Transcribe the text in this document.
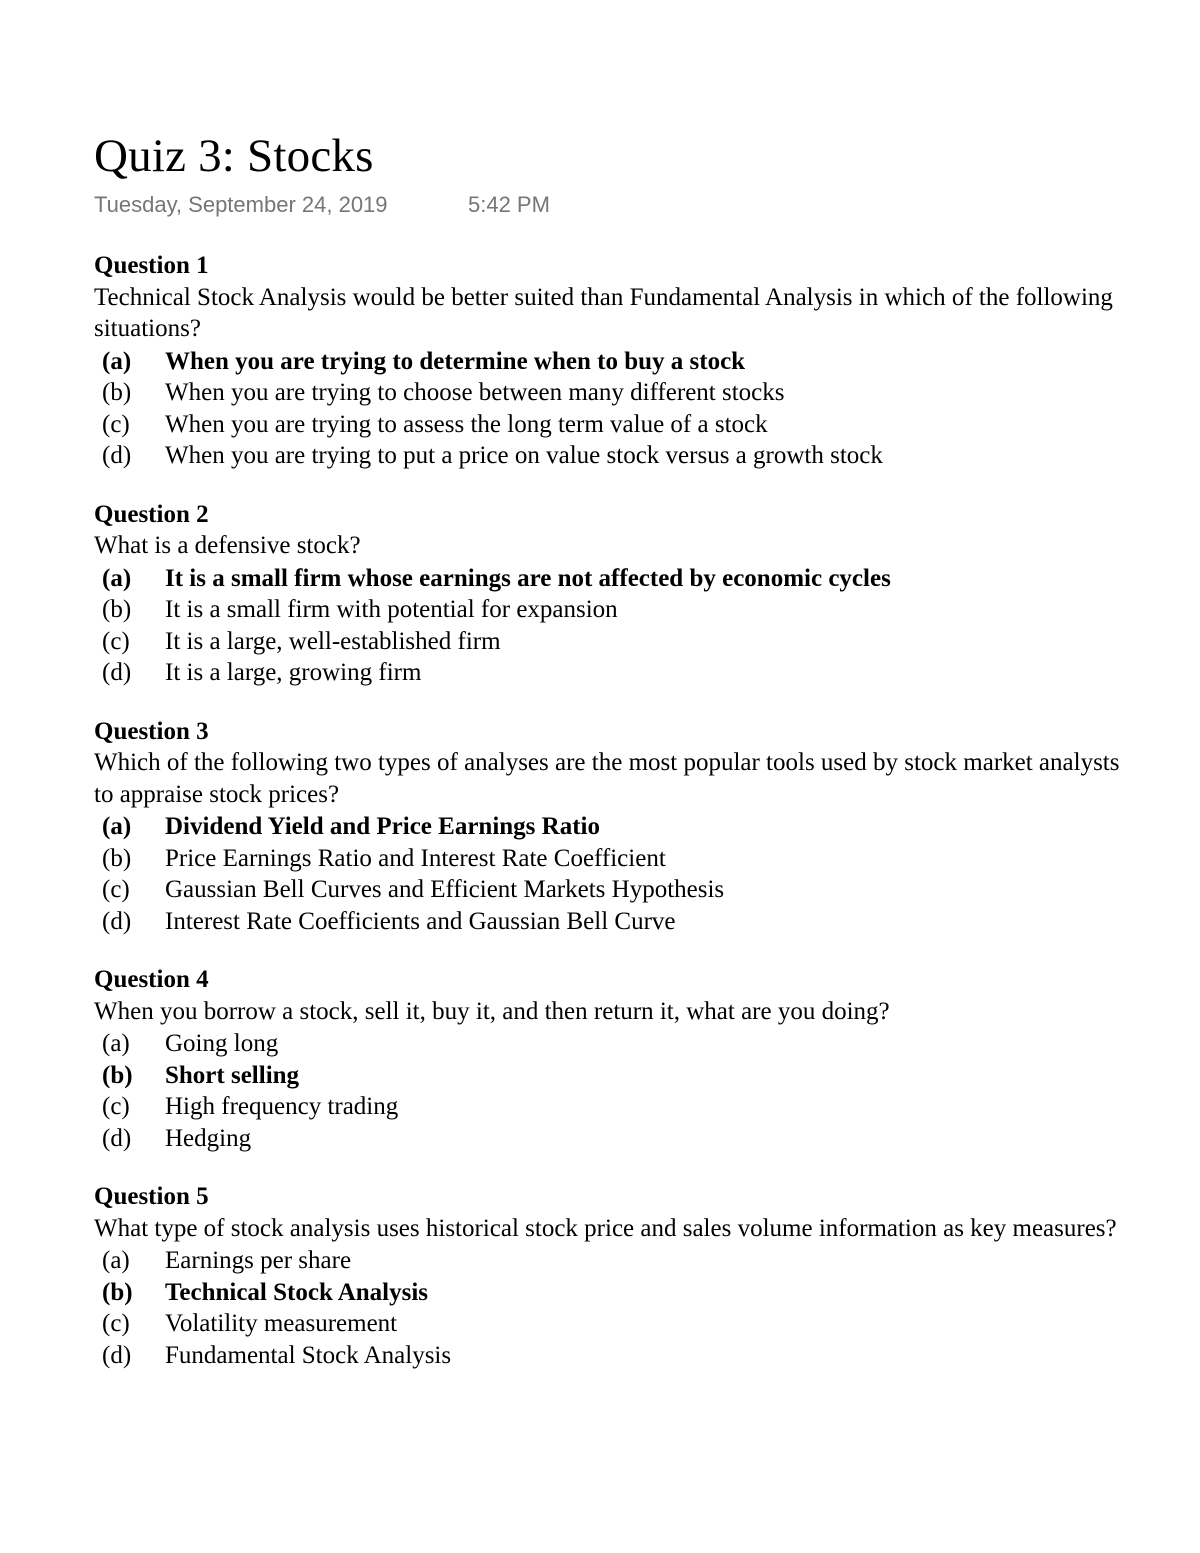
Quiz 3: Stocks
Tuesday, September 24, 2019	5:42 PM
Question 1

Technical Stock Analysis would be better suited than Fundamental Analysis in which of the following situations?

(a)	When you are trying to determine when to buy a stock
(b)	When you are trying to choose between many different stocks
(c)	When you are trying to assess the long term value of a stock
(d)	When you are trying to put a price on value stock versus a growth stock
Question 2

What is a defensive stock?

(a)	It is a small firm whose earnings are not affected by economic cycles
(b)	It is a small firm with potential for expansion
(c)	It is a large, well-established firm
(d)	It is a large, growing firm
Question 3

Which of the following two types of analyses are the most popular tools used by stock market analysts to appraise stock prices?

(a)	Dividend Yield and Price Earnings Ratio
(b)	Price Earnings Ratio and Interest Rate Coefficient
(c)	Gaussian Bell Curves and Efficient Markets Hypothesis
(d)	Interest Rate Coefficients and Gaussian Bell Curve
Question 4

When you borrow a stock, sell it, buy it, and then return it, what are you doing?

(a)	Going long
(b)	Short selling
(c)	High frequency trading
(d)	Hedging
Question 5

What type of stock analysis uses historical stock price and sales volume information as key measures?

(a)	Earnings per share
(b)	Technical Stock Analysis
(c)	Volatility measurement
(d)	Fundamental Stock Analysis
